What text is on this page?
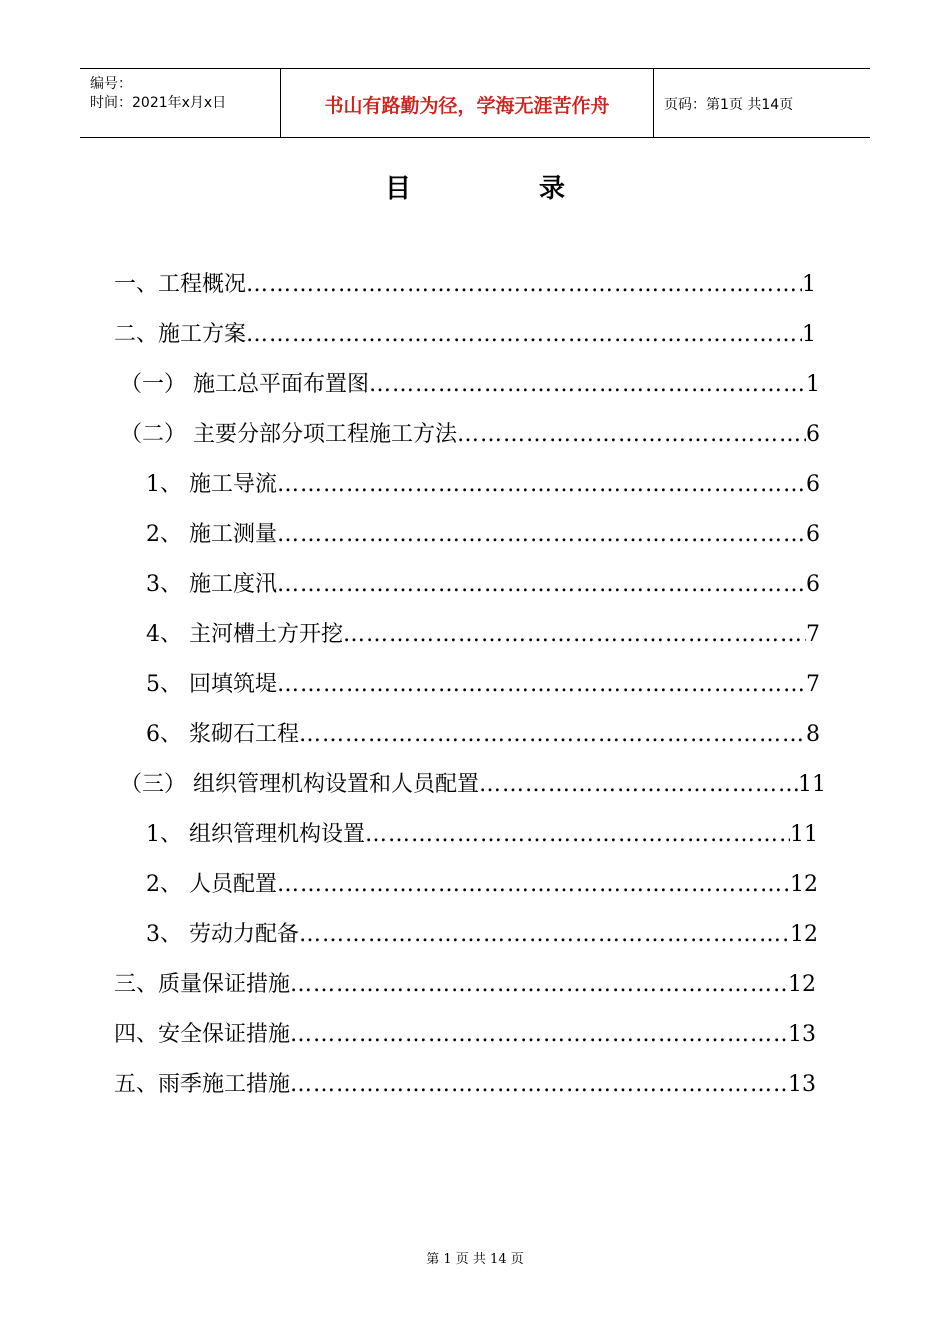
编号：
时间：2021年x月x日	书山有路勤为径，学海无涯苦作舟	页码：第1页 共14页
目	录
一、工程概况 ……………………………………………………………………………………………………………………………………………………………………………………………	1
二、施工方案 ……………………………………………………………………………………………………………………………………………………………………………………………	1
（一） 施工总平面布置图 ……………………………………………………………………………………………………………………………………………………………………………………………	1
（二） 主要分部分项工程施工方法 ……………………………………………………………………………………………………………………………………………………………………………………………	6
1、 施工导流 ……………………………………………………………………………………………………………………………………………………………………………………………	6
2、 施工测量 ……………………………………………………………………………………………………………………………………………………………………………………………	6
3、 施工度汛 ……………………………………………………………………………………………………………………………………………………………………………………………	6
4、 主河槽土方开挖 ……………………………………………………………………………………………………………………………………………………………………………………………	7
5、 回填筑堤 ……………………………………………………………………………………………………………………………………………………………………………………………	7
6、 浆砌石工程 ……………………………………………………………………………………………………………………………………………………………………………………………	8
（三） 组织管理机构设置和人员配置 ……………………………………………………………………………………………………………………………………………………………………………………………	11
1、 组织管理机构设置 ……………………………………………………………………………………………………………………………………………………………………………………………	11
2、 人员配置 ……………………………………………………………………………………………………………………………………………………………………………………………	12
3、 劳动力配备 ……………………………………………………………………………………………………………………………………………………………………………………………	12
三、质量保证措施 ……………………………………………………………………………………………………………………………………………………………………………………………	12
四、安全保证措施 ……………………………………………………………………………………………………………………………………………………………………………………………	13
五、雨季施工措施 ……………………………………………………………………………………………………………………………………………………………………………………………	13
第 1 页 共 14 页
